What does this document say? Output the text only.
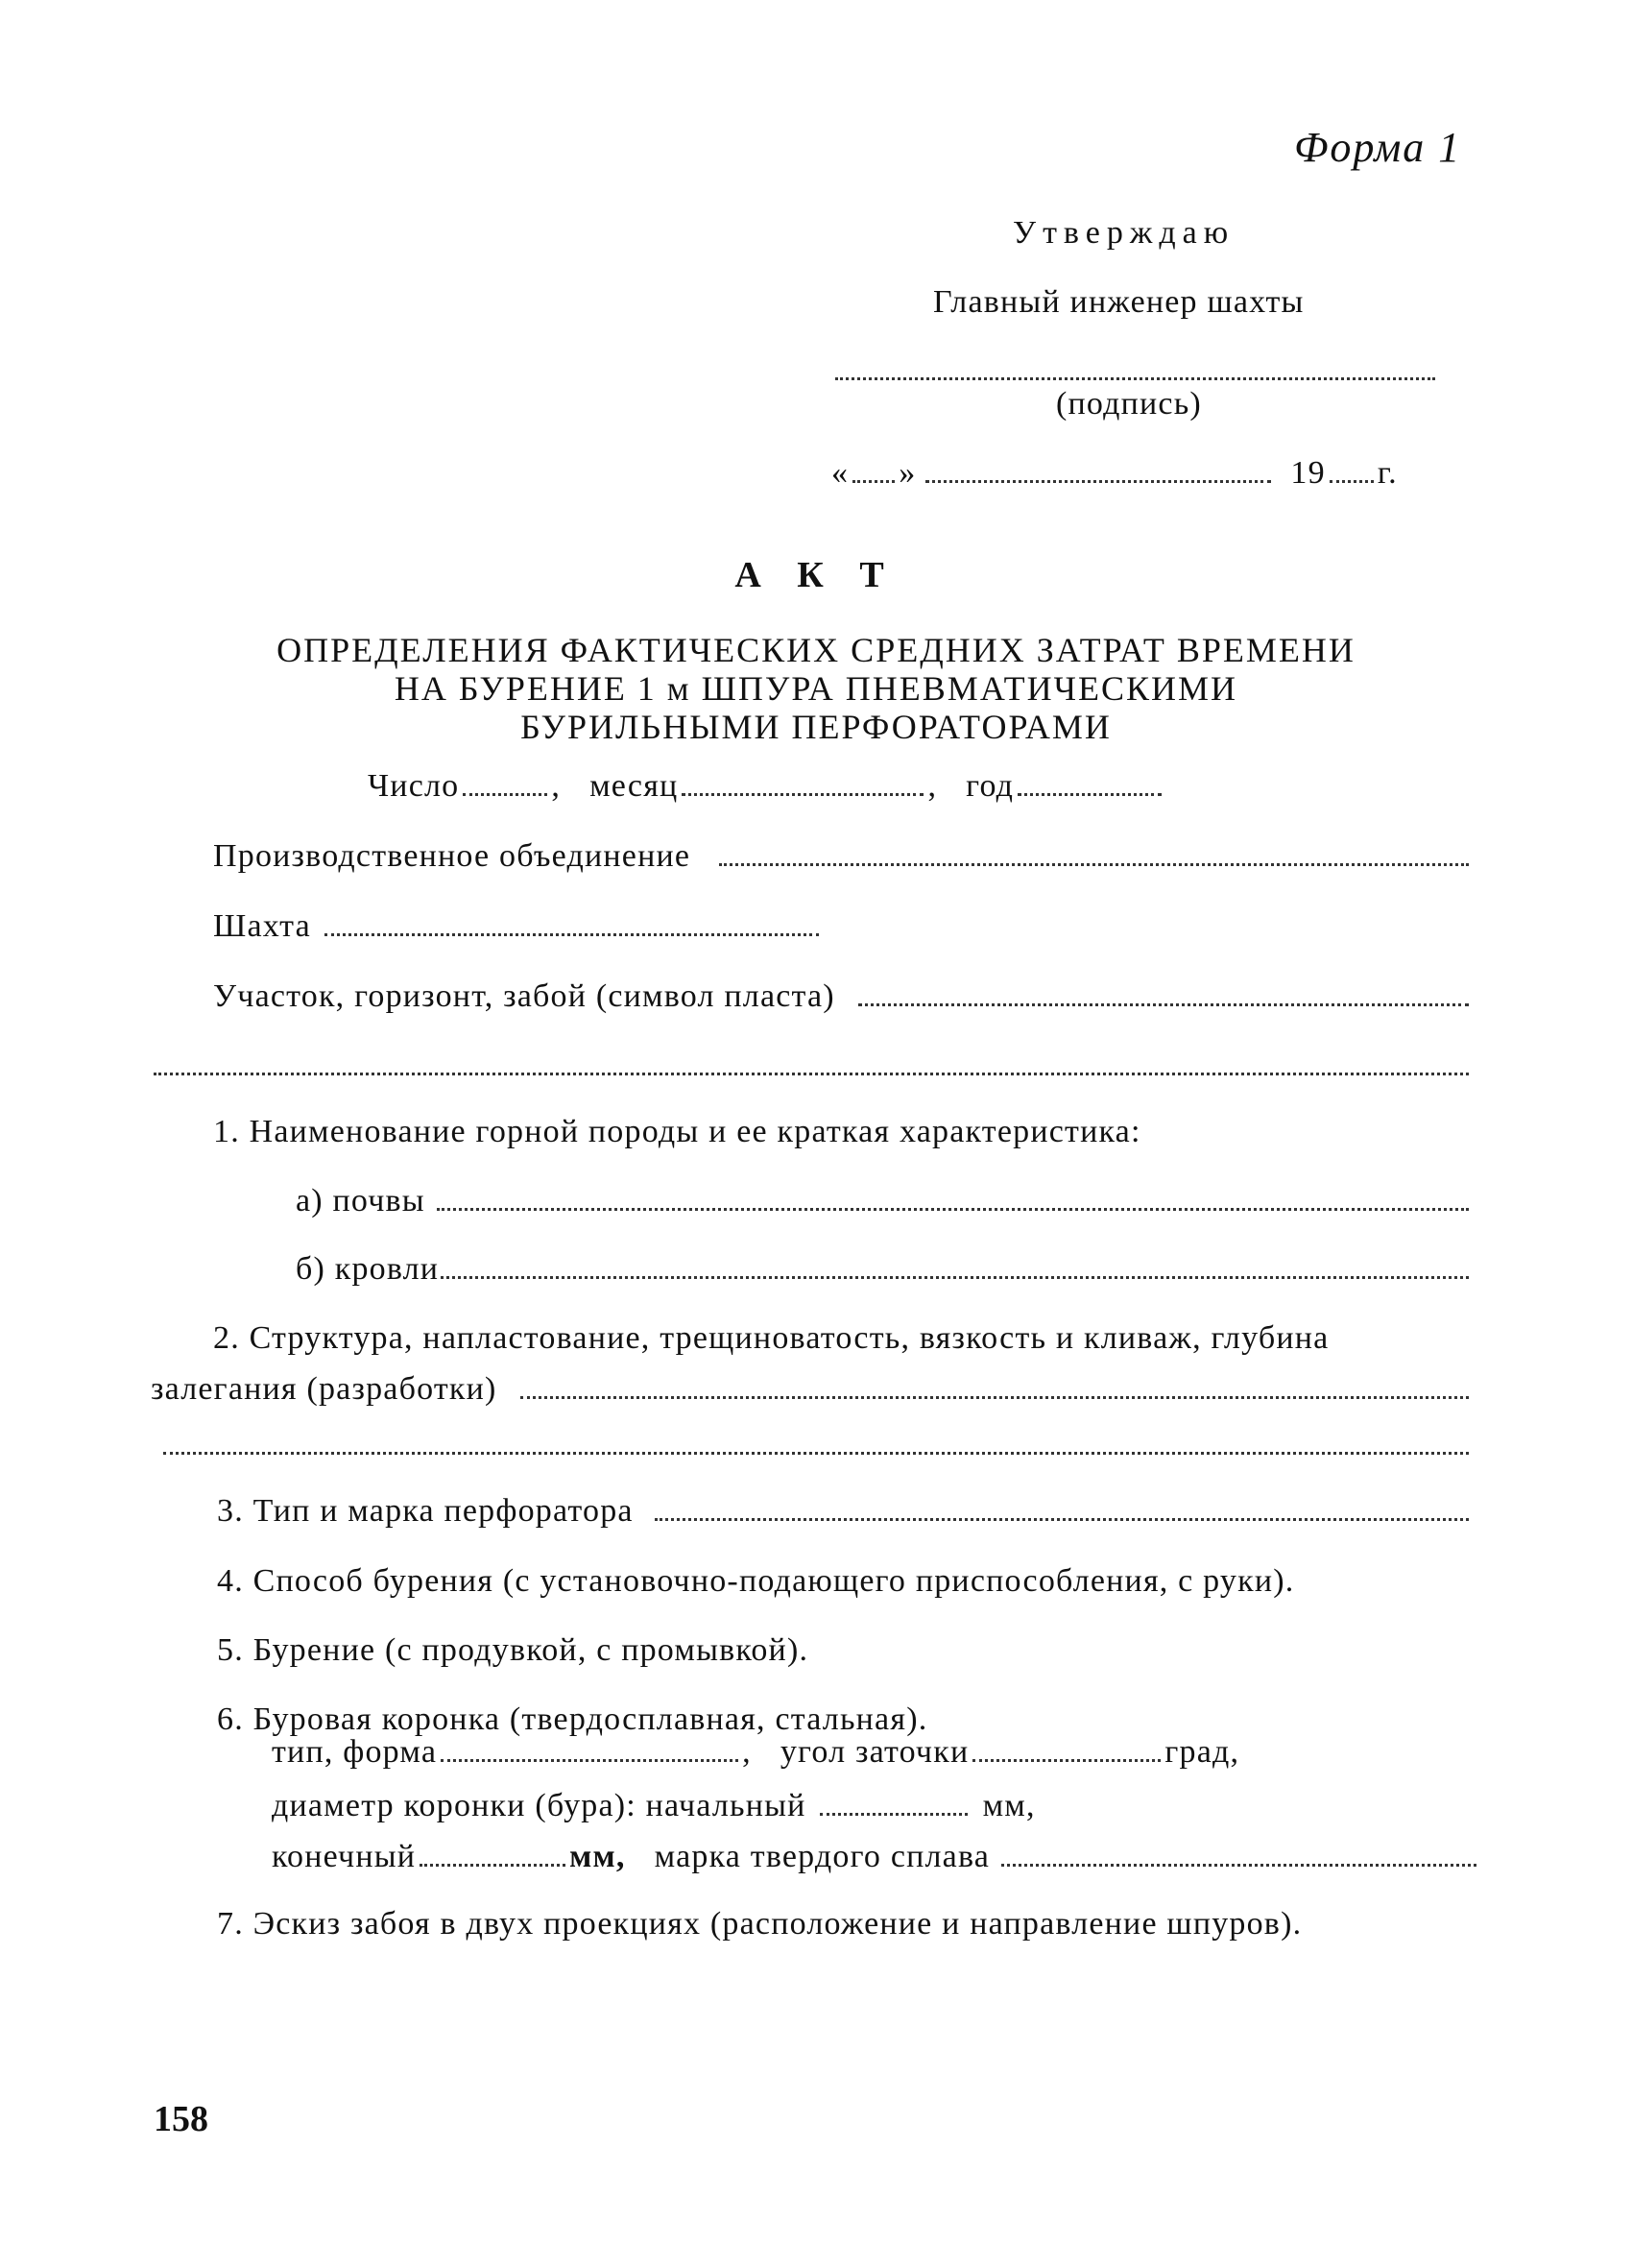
Форма 1
Утверждаю
Главный инженер шахты
(подпись)
« »	19 г.
А К Т
ОПРЕДЕЛЕНИЯ ФАКТИЧЕСКИХ СРЕДНИХ ЗАТРАТ ВРЕМЕНИ
НА БУРЕНИЕ 1 м ШПУРА ПНЕВМАТИЧЕСКИМИ
БУРИЛЬНЫМИ ПЕРФОРАТОРАМИ
Число	, месяц	, год
Производственное объединение
Шахта
Участок, горизонт, забой (символ пласта)
1. Наименование горной породы и ее краткая характеристика:
а) почвы
б) кровли
2. Структура, напластование, трещиноватость, вязкость и кливаж, глубина
залегания (разработки)
3. Тип и марка перфоратора
4. Способ бурения (с установочно-подающего приспособления, с руки).
5. Бурение (с продувкой, с промывкой).
6. Буровая коронка (твердосплавная, стальная).
тип, форма	, угол заточки	град,
диаметр коронки (бура): начальный	мм,
конечный	мм, марка твердого сплава
7. Эскиз забоя в двух проекциях (расположение и направление шпуров).
158
